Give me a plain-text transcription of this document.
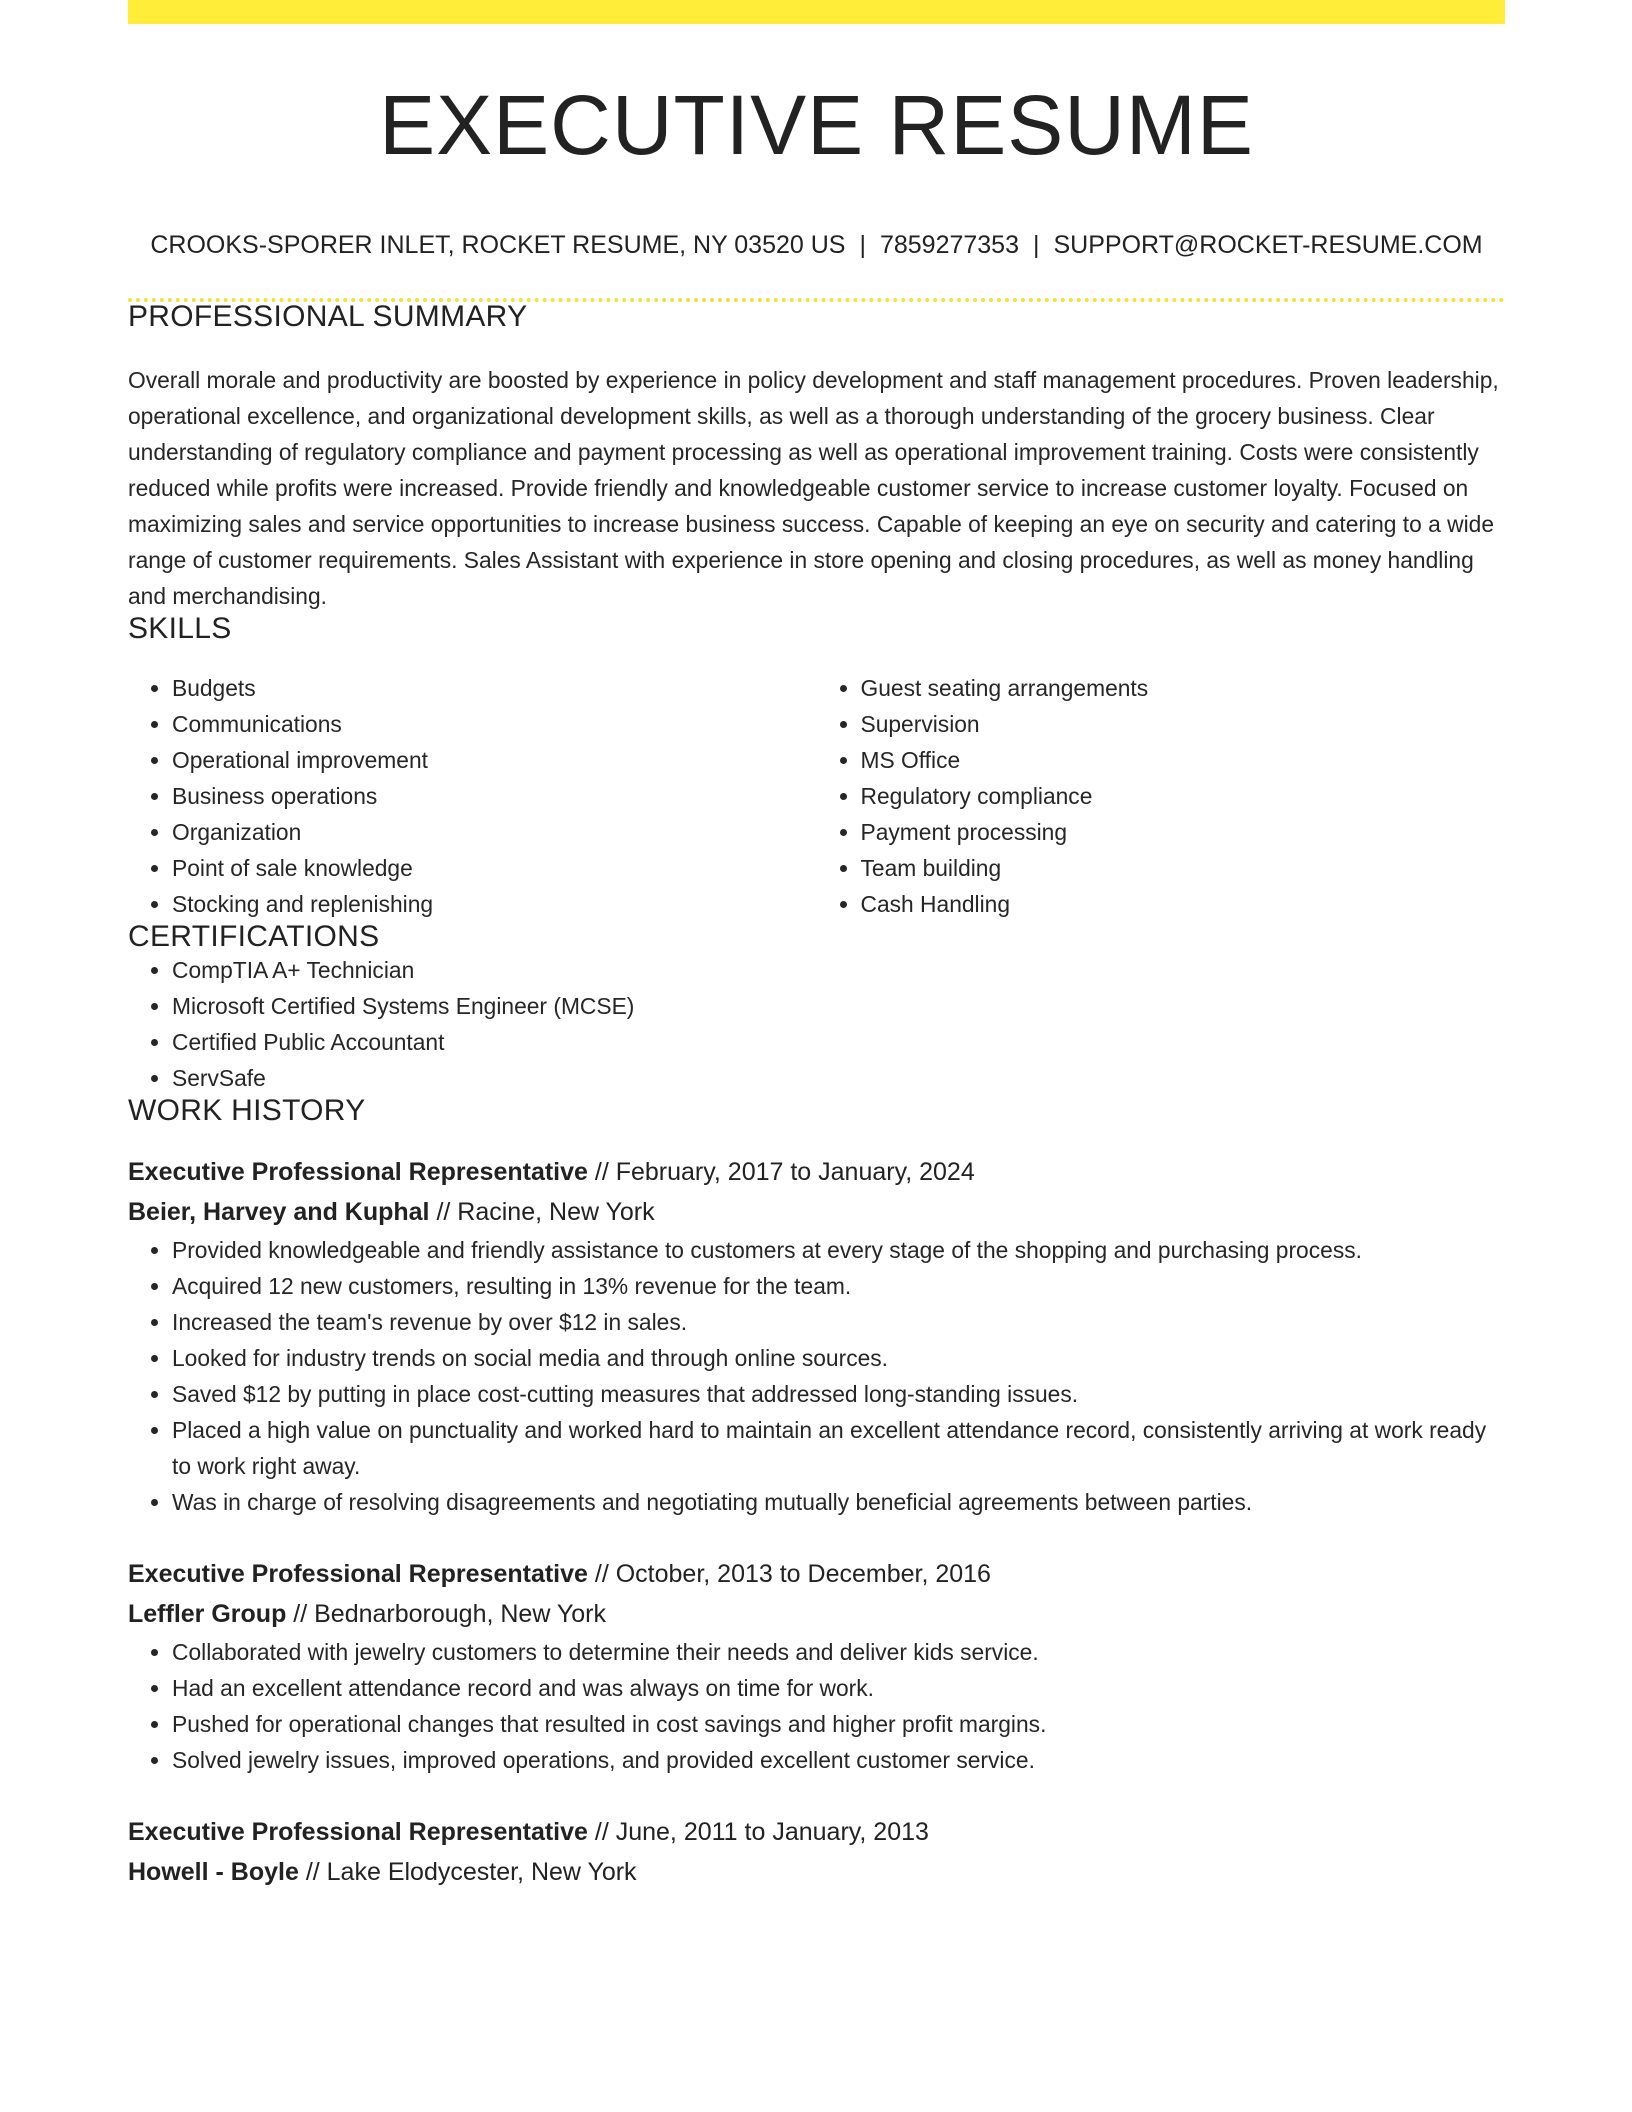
EXECUTIVE RESUME
CROOKS-SPORER INLET, ROCKET RESUME, NY 03520 US | 7859277353 | SUPPORT@ROCKET-RESUME.COM
PROFESSIONAL SUMMARY
Overall morale and productivity are boosted by experience in policy development and staff management procedures. Proven leadership, operational excellence, and organizational development skills, as well as a thorough understanding of the grocery business. Clear understanding of regulatory compliance and payment processing as well as operational improvement training. Costs were consistently reduced while profits were increased. Provide friendly and knowledgeable customer service to increase customer loyalty. Focused on maximizing sales and service opportunities to increase business success. Capable of keeping an eye on security and catering to a wide range of customer requirements. Sales Assistant with experience in store opening and closing procedures, as well as money handling and merchandising.
SKILLS
• Budgets
• Communications
• Operational improvement
• Business operations
• Organization
• Point of sale knowledge
• Stocking and replenishing
• Guest seating arrangements
• Supervision
• MS Office
• Regulatory compliance
• Payment processing
• Team building
• Cash Handling
CERTIFICATIONS
• CompTIA A+ Technician
• Microsoft Certified Systems Engineer (MCSE)
• Certified Public Accountant
• ServSafe
WORK HISTORY
Executive Professional Representative // February, 2017 to January, 2024
Beier, Harvey and Kuphal // Racine, New York
• Provided knowledgeable and friendly assistance to customers at every stage of the shopping and purchasing process.
• Acquired 12 new customers, resulting in 13% revenue for the team.
• Increased the team's revenue by over $12 in sales.
• Looked for industry trends on social media and through online sources.
• Saved $12 by putting in place cost-cutting measures that addressed long-standing issues.
• Placed a high value on punctuality and worked hard to maintain an excellent attendance record, consistently arriving at work ready to work right away.
• Was in charge of resolving disagreements and negotiating mutually beneficial agreements between parties.
Executive Professional Representative // October, 2013 to December, 2016
Leffler Group // Bednarborough, New York
• Collaborated with jewelry customers to determine their needs and deliver kids service.
• Had an excellent attendance record and was always on time for work.
• Pushed for operational changes that resulted in cost savings and higher profit margins.
• Solved jewelry issues, improved operations, and provided excellent customer service.
Executive Professional Representative // June, 2011 to January, 2013
Howell - Boyle // Lake Elodycester, New York
